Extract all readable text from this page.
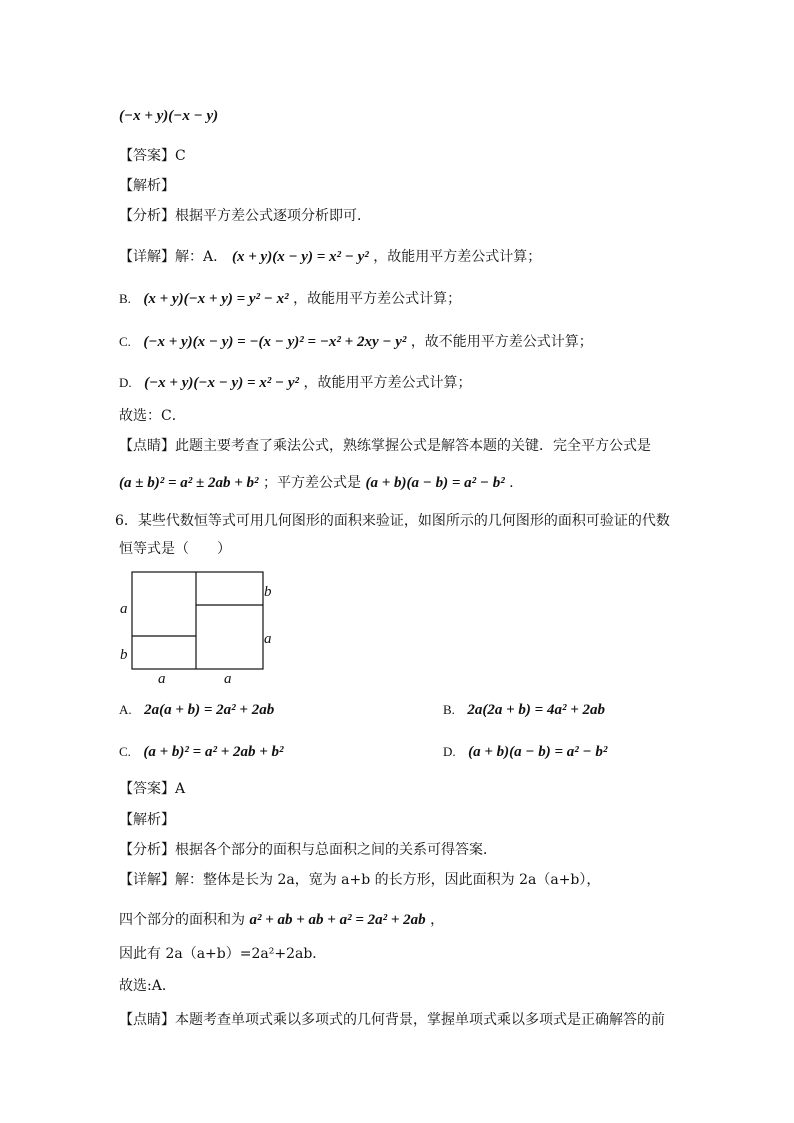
(−x + y)(−x − y)
【答案】C
【解析】
【分析】根据平方差公式逐项分析即可．
【详解】解：A. (x + y)(x − y) = x² − y² ，故能用平方差公式计算；
B. (x + y)(−x + y) = y² − x² ，故能用平方差公式计算；
C. (−x + y)(x − y) = −(x − y)² = −x² + 2xy − y² ，故不能用平方差公式计算；
D. (−x + y)(−x − y) = x² − y² ，故能用平方差公式计算；
故选：C．
【点睛】此题主要考查了乘法公式，熟练掌握公式是解答本题的关键．完全平方公式是
(a ± b)² = a² ± 2ab + b² ；平方差公式是 (a + b)(a − b) = a² − b² .
6．某些代数恒等式可用几何图形的面积来验证，如图所示的几何图形的面积可验证的代数
恒等式是（　　）
a
b
b
a
a	a
A. 2a(a + b) = 2a² + 2ab	B. 2a(2a + b) = 4a² + 2ab
C. (a + b)² = a² + 2ab + b²	D. (a + b)(a − b) = a² − b²
【答案】A
【解析】
【分析】根据各个部分的面积与总面积之间的关系可得答案．
【详解】解：整体是长为 2a，宽为 a+b 的长方形，因此面积为 2a（a+b），
四个部分的面积和为 a² + ab + ab + a² = 2a² + 2ab ，
因此有 2a（a+b）=2a²+2ab．
故选:A．
【点睛】本题考查单项式乘以多项式的几何背景，掌握单项式乘以多项式是正确解答的前
